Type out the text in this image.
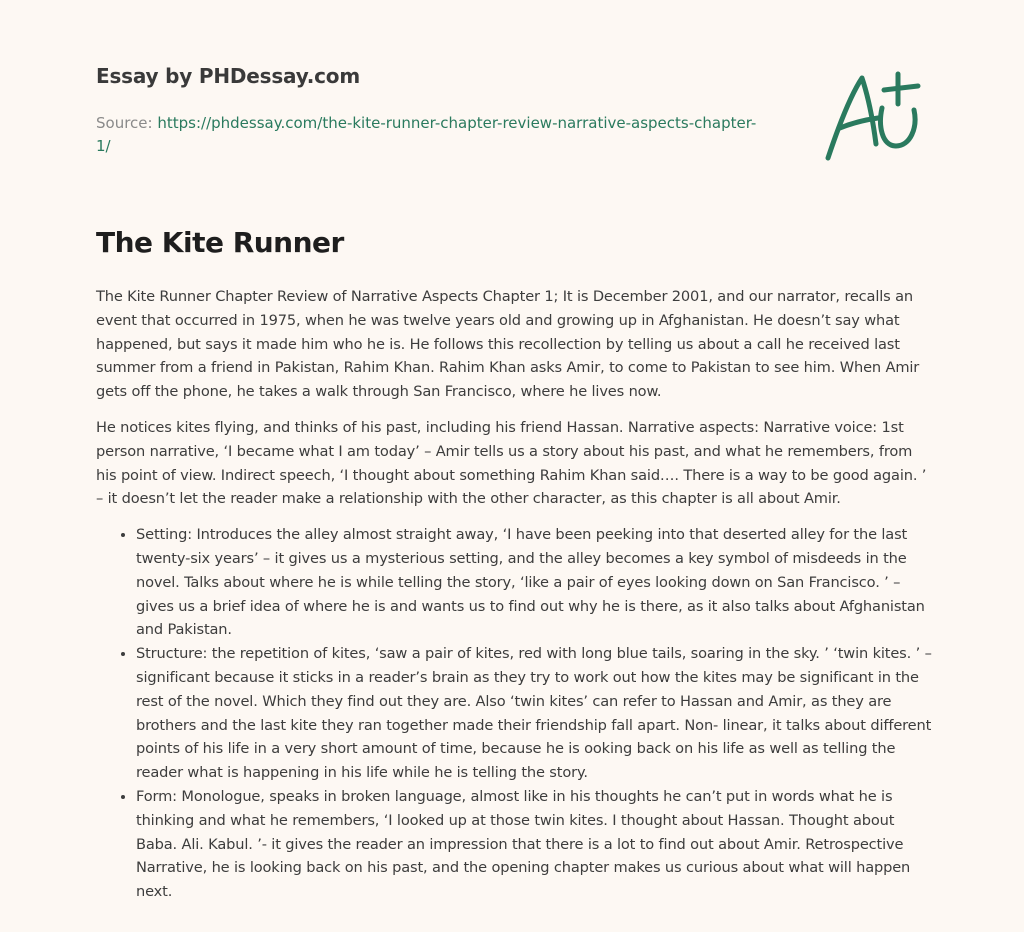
Essay by PHDessay.com

Source: https://phdessay.com/the-kite-runner-chapter-review-narrative-aspects-chapter-1/

The Kite Runner

The Kite Runner Chapter Review of Narrative Aspects Chapter 1; It is December 2001, and our narrator, recalls an event that occurred in 1975, when he was twelve years old and growing up in Afghanistan. He doesn’t say what happened, but says it made him who he is. He follows this recollection by telling us about a call he received last summer from a friend in Pakistan, Rahim Khan. Rahim Khan asks Amir, to come to Pakistan to see him. When Amir gets off the phone, he takes a walk through San Francisco, where he lives now.

He notices kites flying, and thinks of his past, including his friend Hassan. Narrative aspects: Narrative voice: 1st person narrative, ‘I became what I am today’ – Amir tells us a story about his past, and what he remembers, from his point of view. Indirect speech, ‘I thought about something Rahim Khan said…. There is a way to be good again. ’ – it doesn’t let the reader make a relationship with the other character, as this chapter is all about Amir.

• Setting: Introduces the alley almost straight away, ‘I have been peeking into that deserted alley for the last twenty-six years’ – it gives us a mysterious setting, and the alley becomes a key symbol of misdeeds in the novel. Talks about where he is while telling the story, ‘like a pair of eyes looking down on San Francisco. ’ – gives us a brief idea of where he is and wants us to find out why he is there, as it also talks about Afghanistan and Pakistan.
• Structure: the repetition of kites, ‘saw a pair of kites, red with long blue tails, soaring in the sky. ’ ‘twin kites. ’ – significant because it sticks in a reader’s brain as they try to work out how the kites may be significant in the rest of the novel. Which they find out they are. Also ‘twin kites’ can refer to Hassan and Amir, as they are brothers and the last kite they ran together made their friendship fall apart. Non- linear, it talks about different points of his life in a very short amount of time, because he is ooking back on his life as well as telling the reader what is happening in his life while he is telling the story.
• Form: Monologue, speaks in broken language, almost like in his thoughts he can’t put in words what he is thinking and what he remembers, ‘I looked up at those twin kites. I thought about Hassan. Thought about Baba. Ali. Kabul. ’- it gives the reader an impression that there is a lot to find out about Amir. Retrospective Narrative, he is looking back on his past, and the opening chapter makes us curious about what will happen next.
